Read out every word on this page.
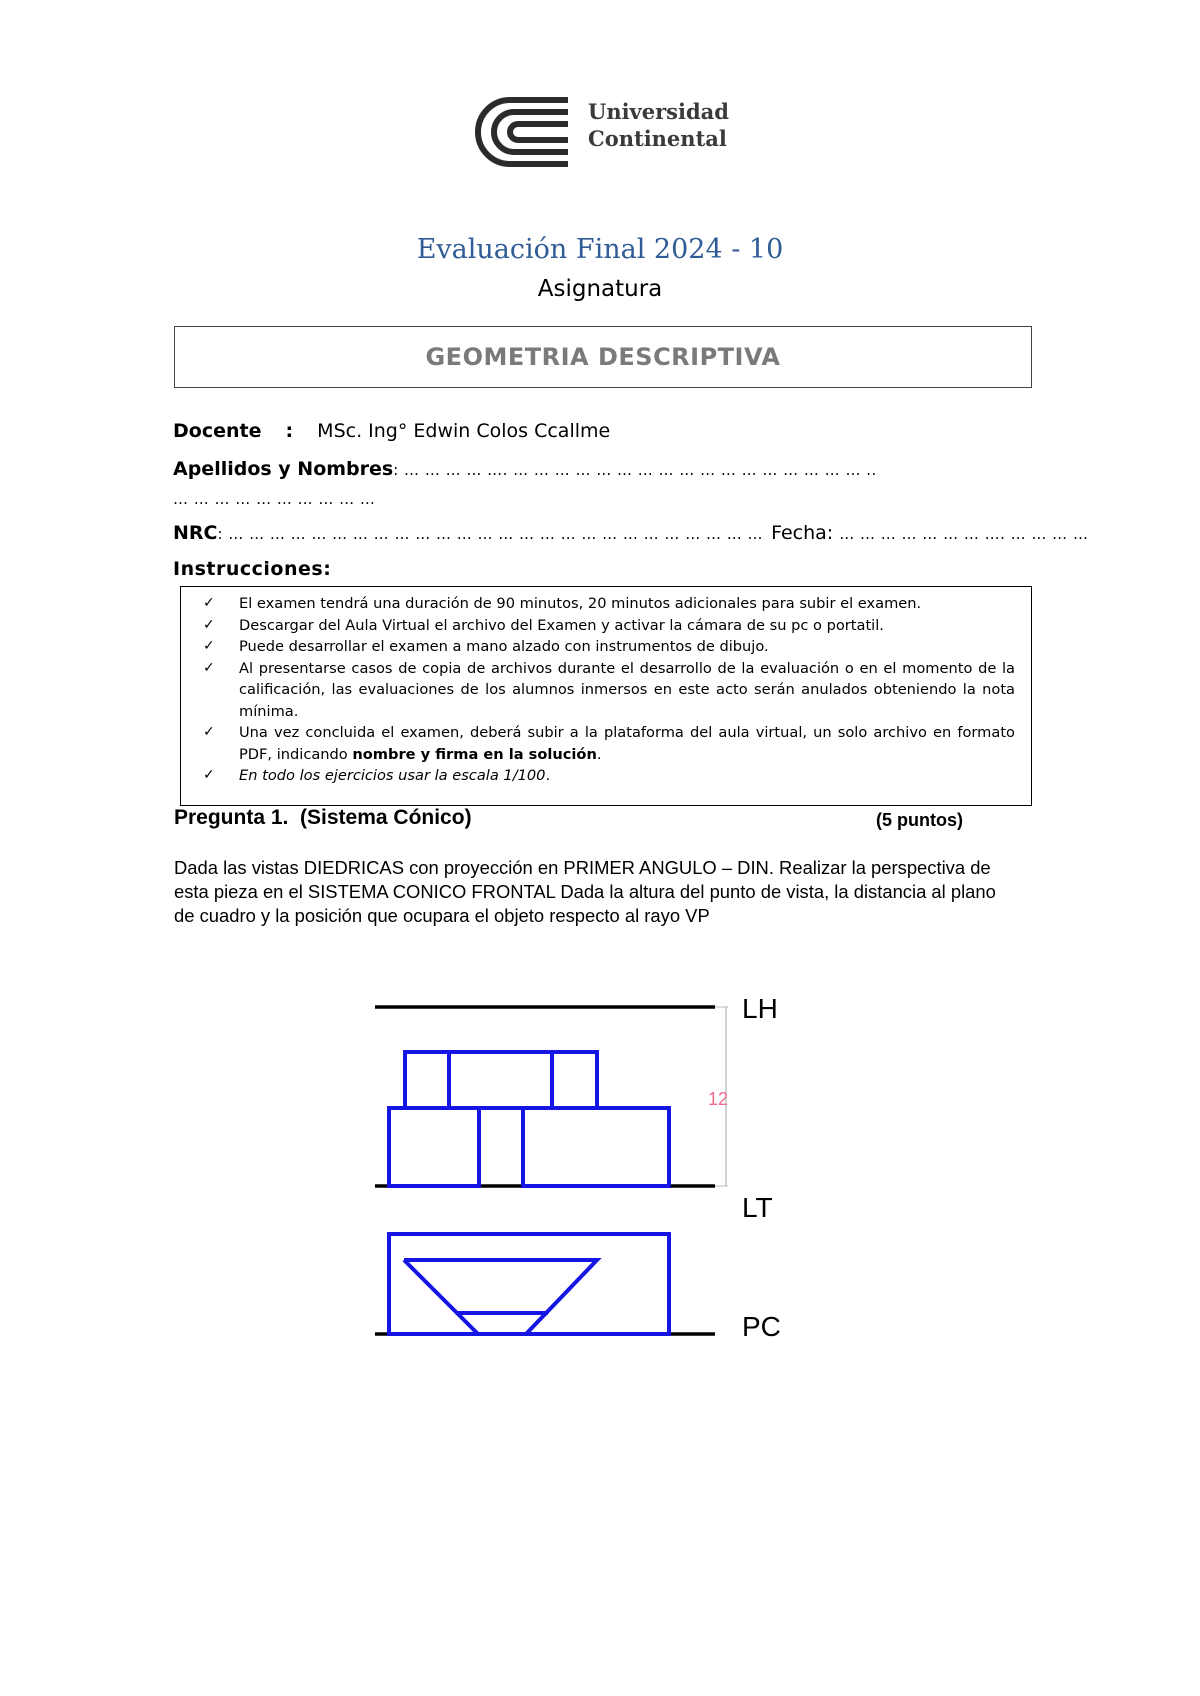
Universidad
Continental
Evaluación Final 2024 - 10
Asignatura
GEOMETRIA DESCRIPTIVA
Docente : MSc. Ing° Edwin Colos Ccallme
Apellidos y Nombres: … … … … …. … … … … … … … … … … … … … … … … … ..
… … … … … … … … … …
NRC: … … … … … … … … … … … … … … … … … … … … … … … … … … Fecha: … … … … … … … …. … … … …
Instrucciones:
✓ El examen tendrá una duración de 90 minutos, 20 minutos adicionales para subir el examen.
✓ Descargar del Aula Virtual el archivo del Examen y activar la cámara de su pc o portatil.
✓ Puede desarrollar el examen a mano alzado con instrumentos de dibujo.
✓ Al presentarse casos de copia de archivos durante el desarrollo de la evaluación o en el momento de la calificación, las evaluaciones de los alumnos inmersos en este acto serán anulados obteniendo la nota mínima.
✓ Una vez concluida el examen, deberá subir a la plataforma del aula virtual, un solo archivo en formato PDF, indicando nombre y firma en la solución.
✓ En todo los ejercicios usar la escala 1/100.
Pregunta 1.  (Sistema Cónico)	(5 puntos)
Dada las vistas DIEDRICAS con proyección en PRIMER ANGULO – DIN. Realizar la perspectiva de esta pieza en el SISTEMA CONICO FRONTAL Dada la altura del punto de vista, la distancia al plano de cuadro y la posición que ocupara el objeto respecto al rayo VP
12
LH
LT
PC
